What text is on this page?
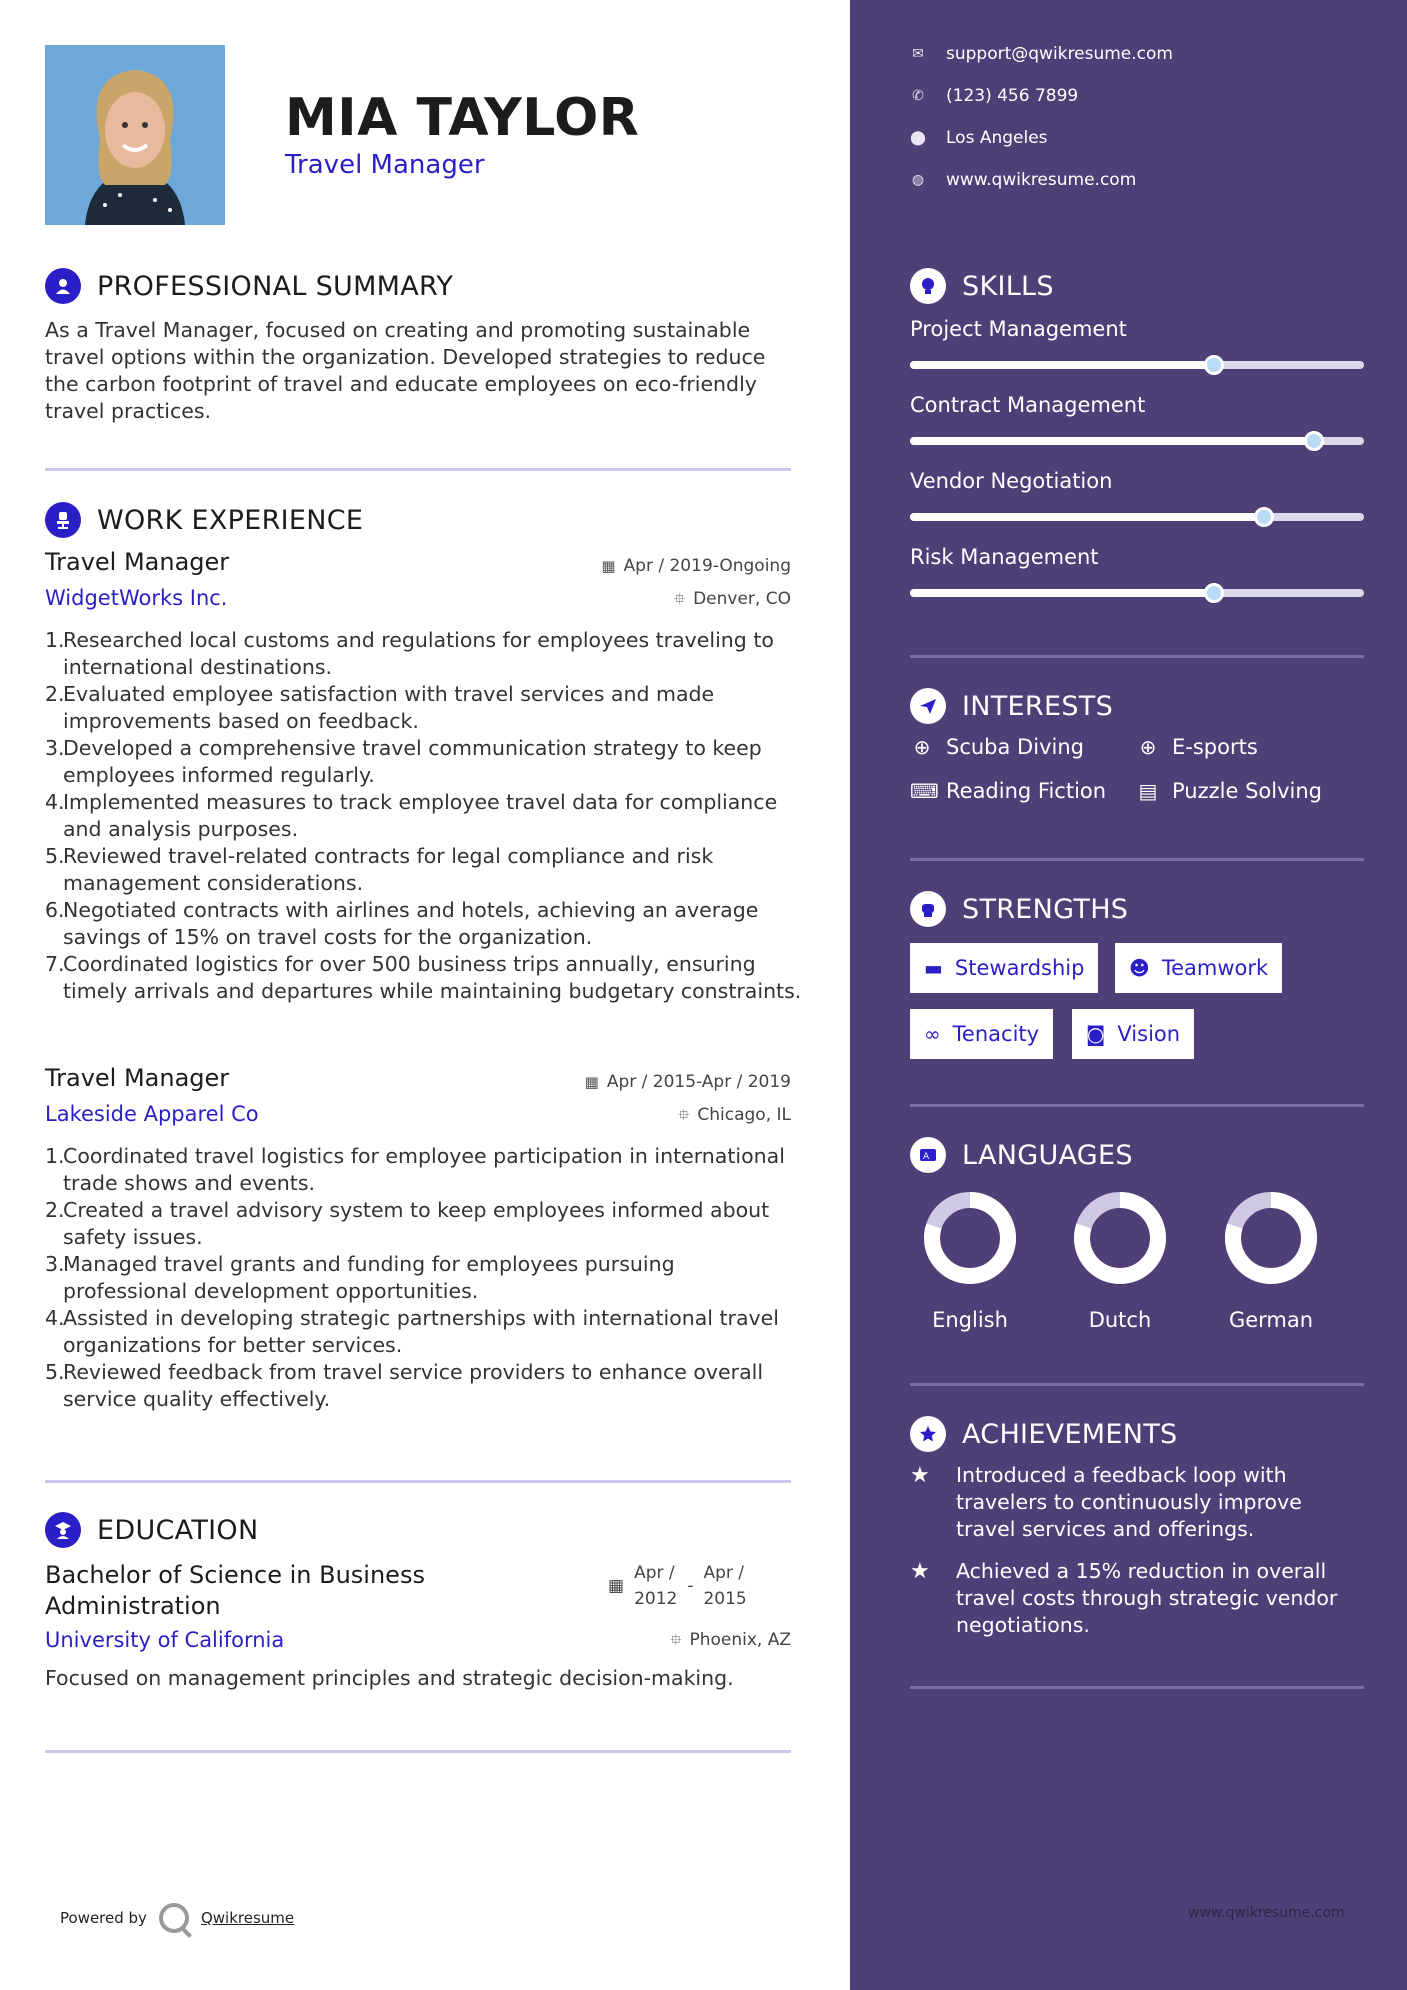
MIA TAYLOR
Travel Manager
PROFESSIONAL SUMMARY
As a Travel Manager, focused on creating and promoting sustainable travel options within the organization. Developed strategies to reduce the carbon footprint of travel and educate employees on eco-friendly travel practices.
WORK EXPERIENCE
Travel Manager
WidgetWorks Inc.
▦ Apr / 2019-Ongoing
⯐ Denver, CO
Researched local customs and regulations for employees traveling to international destinations.
Evaluated employee satisfaction with travel services and made improvements based on feedback.
Developed a comprehensive travel communication strategy to keep employees informed regularly.
Implemented measures to track employee travel data for compliance and analysis purposes.
Reviewed travel-related contracts for legal compliance and risk management considerations.
Negotiated contracts with airlines and hotels, achieving an average savings of 15% on travel costs for the organization.
Coordinated logistics for over 500 business trips annually, ensuring timely arrivals and departures while maintaining budgetary constraints.
Travel Manager
Lakeside Apparel Co
▦ Apr / 2015-Apr / 2019
⯐ Chicago, IL
Coordinated travel logistics for employee participation in international trade shows and events.
Created a travel advisory system to keep employees informed about safety issues.
Managed travel grants and funding for employees pursuing professional development opportunities.
Assisted in developing strategic partnerships with international travel organizations for better services.
Reviewed feedback from travel service providers to enhance overall service quality effectively.
EDUCATION
Bachelor of Science in Business
Administration
▦
Apr /
2012
-
Apr /
2015
University of California	⯐ Phoenix, AZ
Focused on management principles and strategic decision-making.
Powered by	Qwikresume
✉ support@qwikresume.com
✆ (123) 456 7899
⬤ Los Angeles
◍ www.qwikresume.com
SKILLS
Project Management
Contract Management
Vendor Negotiation
Risk Management
INTERESTS
⊕ Scuba Diving	⊕ E-sports
⌨ Reading Fiction ▤ Puzzle Solving
STRENGTHS
▬ Stewardship ☻ Teamwork
∞ Tenacity ◙ Vision
A LANGUAGES
English	Dutch	German
ACHIEVEMENTS
★	Introduced a feedback loop with travelers to continuously improve travel services and offerings.
★	Achieved a 15% reduction in overall travel costs through strategic vendor negotiations.
www.qwikresume.com
